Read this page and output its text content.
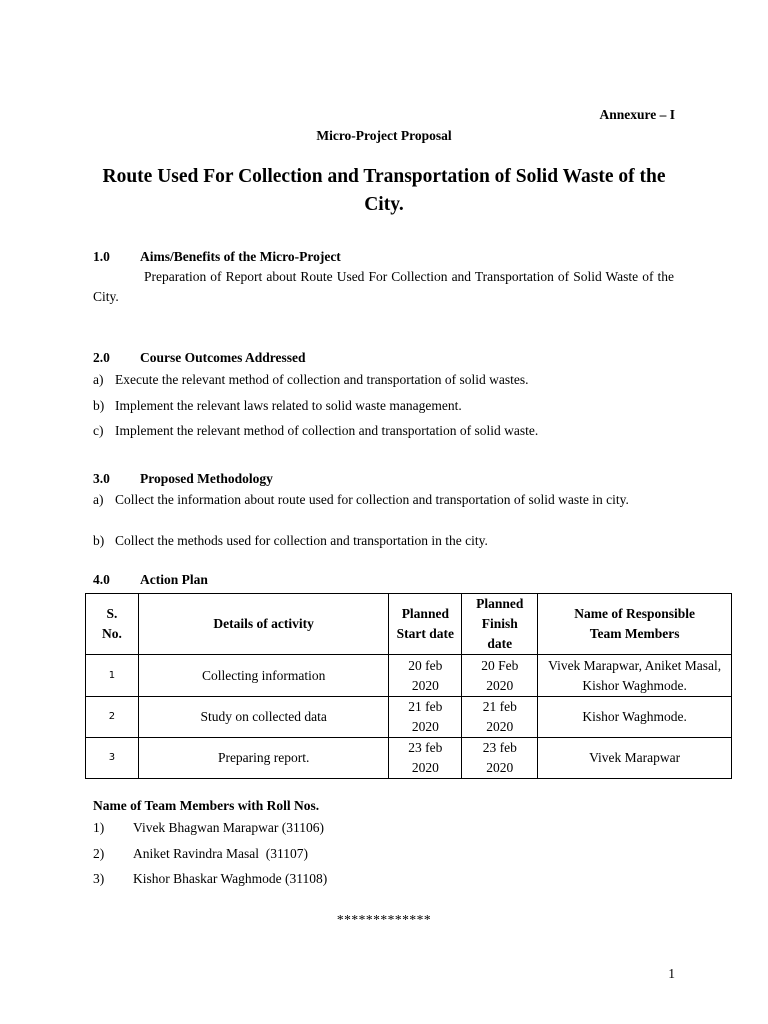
Annexure – I
Micro-Project Proposal
Route Used For Collection and Transportation of Solid Waste of the City.
1.0 Aims/Benefits of the Micro-Project
Preparation of Report about Route Used For Collection and Transportation of Solid Waste of the City.
2.0 Course Outcomes Addressed
a) Execute the relevant method of collection and transportation of solid wastes.
b) Implement the relevant laws related to solid waste management.
c) Implement the relevant method of collection and transportation of solid waste.
3.0 Proposed Methodology
a) Collect the information about route used for collection and transportation of solid waste in city.
b) Collect the methods used for collection and transportation in the city.
4.0 Action Plan
S. No.	Details of activity	Planned Start date	Planned Finish date	Name of Responsible Team Members
1	Collecting information	20 feb 2020	20 Feb 2020	Vivek Marapwar, Aniket Masal, Kishor Waghmode.
2	Study on collected data	21 feb 2020	21 feb 2020	Kishor Waghmode.
3	Preparing report.	23 feb 2020	23 feb 2020	Vivek Marapwar
Name of Team Members with Roll Nos.
1) Vivek Bhagwan Marapwar (31106)
2) Aniket Ravindra Masal  (31107)
3) Kishor Bhaskar Waghmode (31108)
*************
1
